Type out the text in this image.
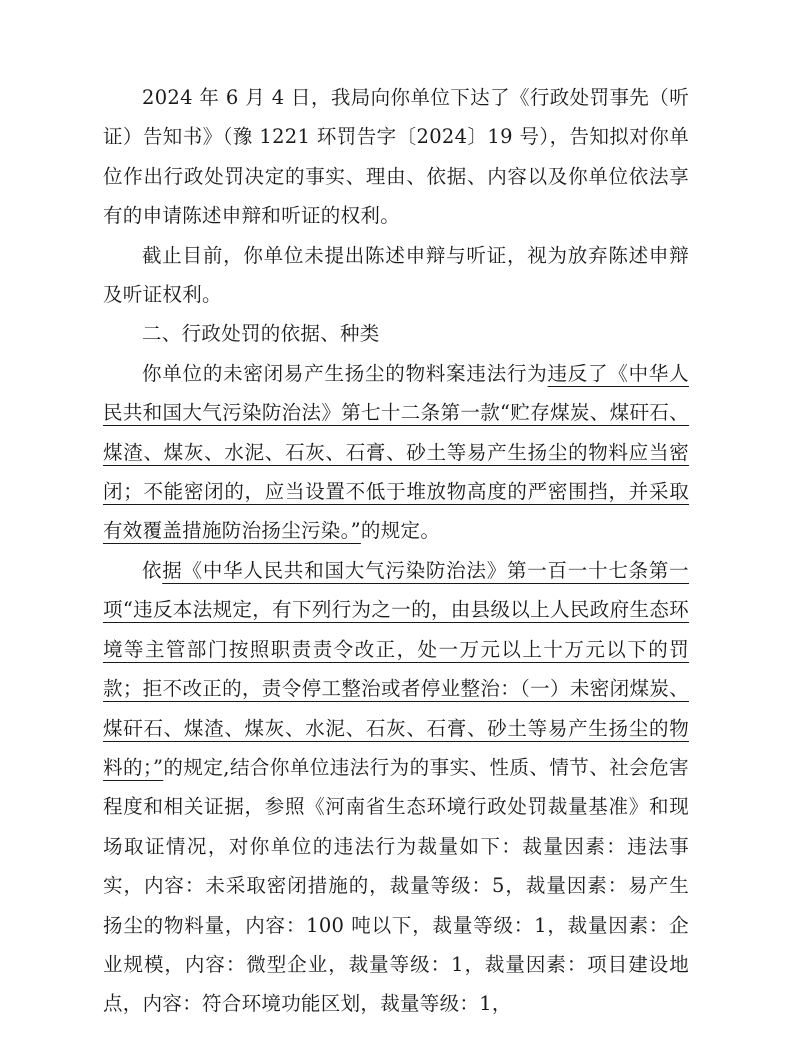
2024 年 6 月 4 日，我局向你单位下达了《行政处罚事先（听证）告知书》（豫 1221 环罚告字〔2024〕19 号），告知拟对你单位作出行政处罚决定的事实、理由、依据、内容以及你单位依法享有的申请陈述申辩和听证的权利。

截止目前，你单位未提出陈述申辩与听证，视为放弃陈述申辩及听证权利。

二、行政处罚的依据、种类

你单位的未密闭易产生扬尘的物料案违法行为违反了《中华人民共和国大气污染防治法》第七十二条第一款“贮存煤炭、煤矸石、煤渣、煤灰、水泥、石灰、石膏、砂土等易产生扬尘的物料应当密闭；不能密闭的，应当设置不低于堆放物高度的严密围挡，并采取有效覆盖措施防治扬尘污染。”的规定。

依据《中华人民共和国大气污染防治法》第一百一十七条第一项“违反本法规定，有下列行为之一的，由县级以上人民政府生态环境等主管部门按照职责责令改正，处一万元以上十万元以下的罚款；拒不改正的，责令停工整治或者停业整治：（一）未密闭煤炭、煤矸石、煤渣、煤灰、水泥、石灰、石膏、砂土等易产生扬尘的物料的；”的规定,结合你单位违法行为的事实、性质、情节、社会危害程度和相关证据，参照《河南省生态环境行政处罚裁量基准》和现场取证情况，对你单位的违法行为裁量如下：裁量因素：违法事实，内容：未采取密闭措施的，裁量等级：5，裁量因素：易产生扬尘的物料量，内容：100 吨以下，裁量等级：1，裁量因素：企业规模，内容：微型企业，裁量等级：1，裁量因素：项目建设地点，内容：符合环境功能区划，裁量等级：1，
